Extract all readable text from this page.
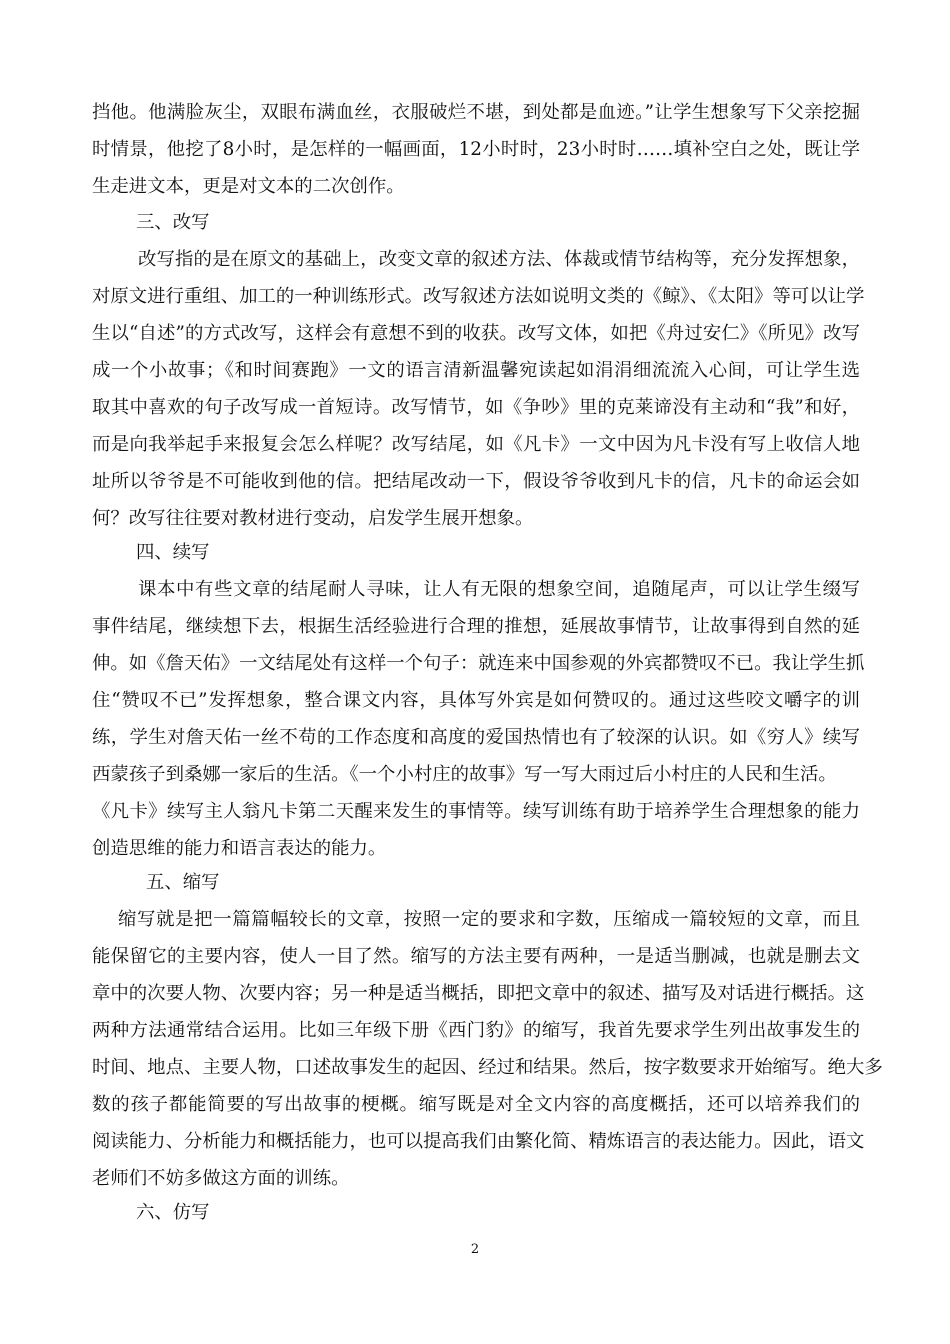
挡他。他满脸灰尘，双眼布满血丝，衣服破烂不堪，到处都是血迹。”让学生想象写下父亲挖掘
时情景，他挖了8小时，是怎样的一幅画面，12小时时，23小时时……填补空白之处，既让学
生走进文本，更是对文本的二次创作。
三、改写
改写指的是在原文的基础上，改变文章的叙述方法、体裁或情节结构等，充分发挥想象，
对原文进行重组、加工的一种训练形式。改写叙述方法如说明文类的《鲸》、《太阳》等可以让学
生以“自述”的方式改写，这样会有意想不到的收获。改写文体，如把《舟过安仁》《所见》改写
成一个小故事；《和时间赛跑》一文的语言清新温馨宛读起如涓涓细流流入心间，可让学生选
取其中喜欢的句子改写成一首短诗。改写情节，如《争吵》里的克莱谛没有主动和“我”和好，
而是向我举起手来报复会怎么样呢？改写结尾，如《凡卡》一文中因为凡卡没有写上收信人地
址所以爷爷是不可能收到他的信。把结尾改动一下，假设爷爷收到凡卡的信，凡卡的命运会如
何？改写往往要对教材进行变动，启发学生展开想象。
四、续写
课本中有些文章的结尾耐人寻味，让人有无限的想象空间，追随尾声，可以让学生缀写
事件结尾，继续想下去，根据生活经验进行合理的推想，延展故事情节，让故事得到自然的延
伸。如《詹天佑》一文结尾处有这样一个句子：就连来中国参观的外宾都赞叹不已。我让学生抓
住“赞叹不已”发挥想象，整合课文内容，具体写外宾是如何赞叹的。通过这些咬文嚼字的训
练，学生对詹天佑一丝不苟的工作态度和高度的爱国热情也有了较深的认识。如《穷人》续写
西蒙孩子到桑娜一家后的生活。《一个小村庄的故事》写一写大雨过后小村庄的人民和生活。
《凡卡》续写主人翁凡卡第二天醒来发生的事情等。续写训练有助于培养学生合理想象的能力
创造思维的能力和语言表达的能力。
五、缩写
缩写就是把一篇篇幅较长的文章，按照一定的要求和字数，压缩成一篇较短的文章，而且
能保留它的主要内容，使人一目了然。缩写的方法主要有两种，一是适当删减，也就是删去文
章中的次要人物、次要内容；另一种是适当概括，即把文章中的叙述、描写及对话进行概括。这
两种方法通常结合运用。比如三年级下册《西门豹》的缩写，我首先要求学生列出故事发生的
时间、地点、主要人物，口述故事发生的起因、经过和结果。然后，按字数要求开始缩写。绝大多
数的孩子都能简要的写出故事的梗概。缩写既是对全文内容的高度概括，还可以培养我们的
阅读能力、分析能力和概括能力，也可以提高我们由繁化简、精炼语言的表达能力。因此，语文
老师们不妨多做这方面的训练。
六、仿写
2
